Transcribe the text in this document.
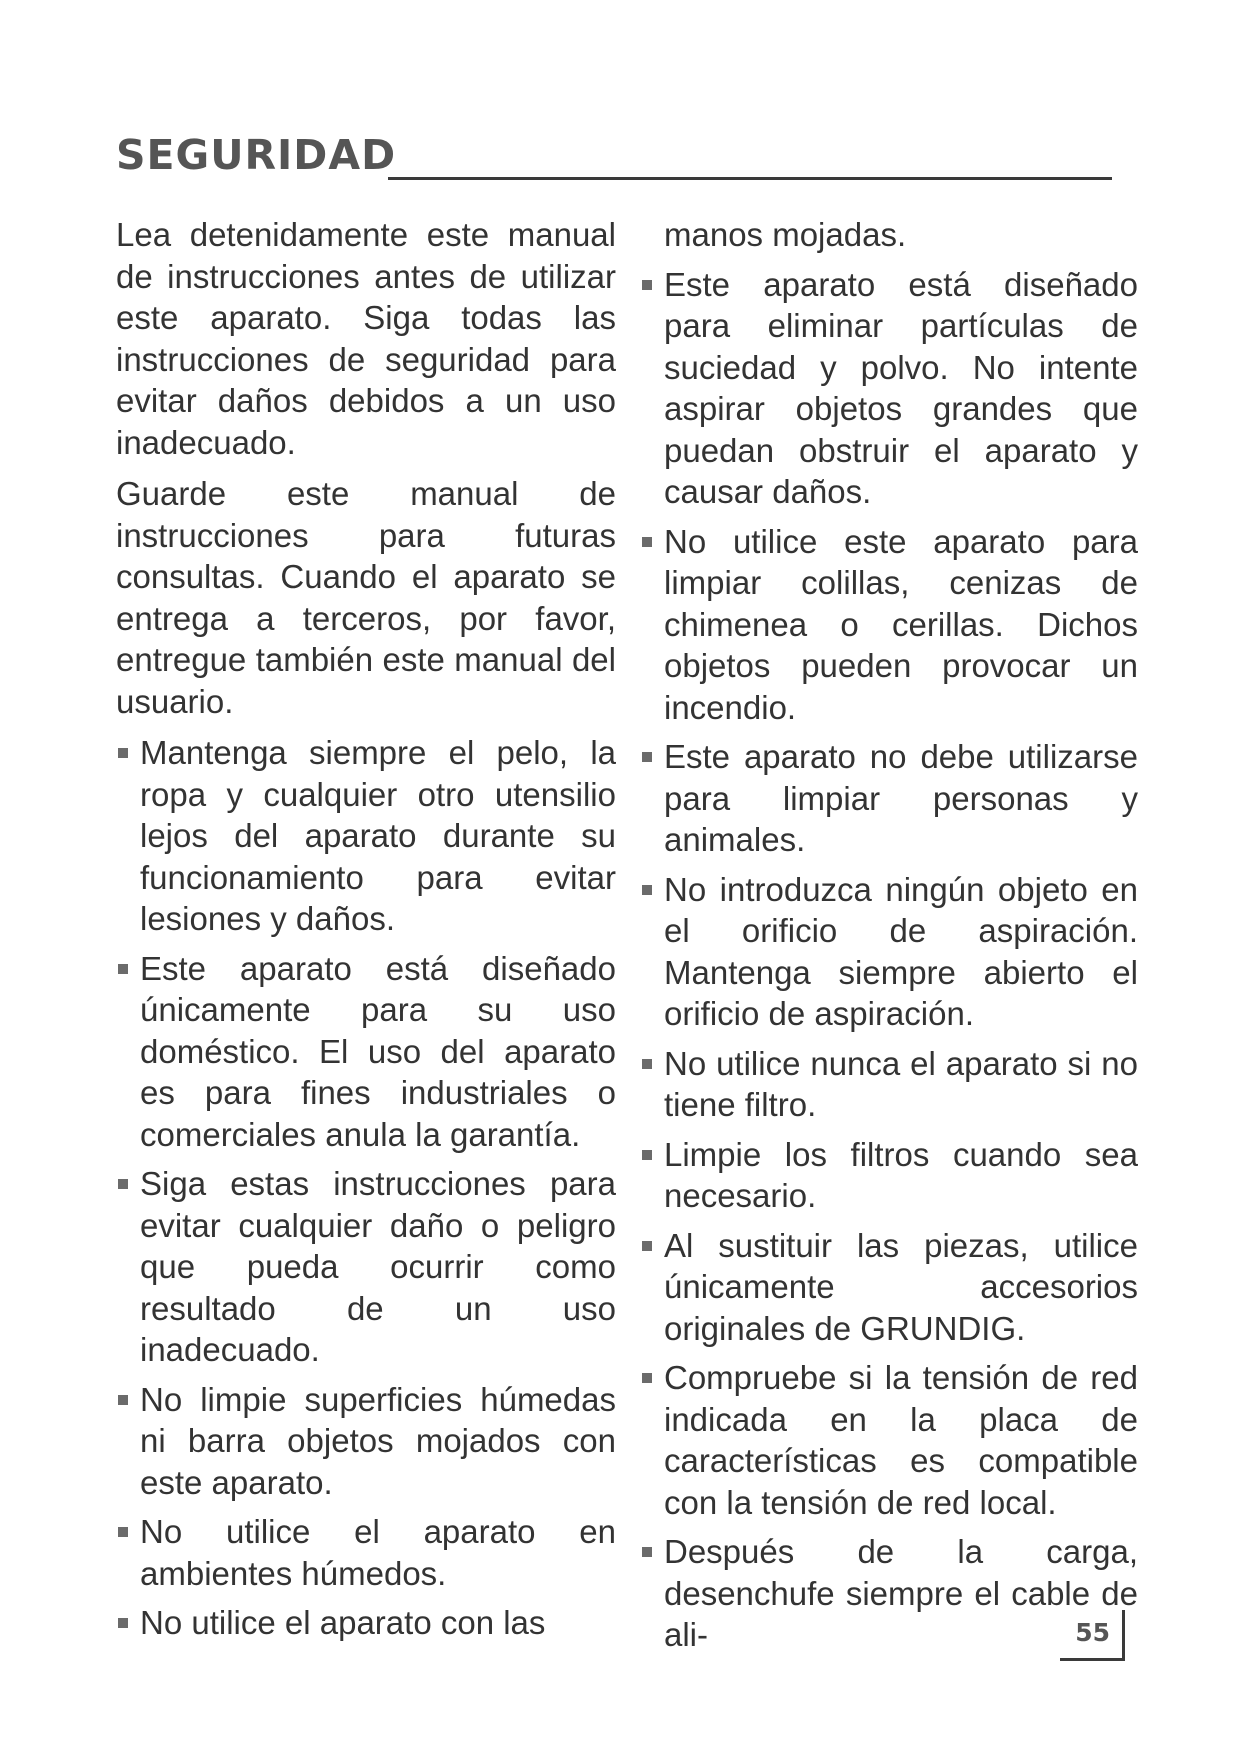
SEGURIDAD

Lea detenidamente este manual de instrucciones antes de utilizar este aparato. Siga todas las instrucciones de seguridad para evitar daños debidos a un uso inadecuado.

Guarde este manual de instrucciones para futuras consultas. Cuando el aparato se entrega a terceros, por favor, entregue también este manual del usuario.

Mantenga siempre el pelo, la ropa y cualquier otro utensilio lejos del aparato durante su funcionamiento para evitar lesiones y daños.
Este aparato está diseñado únicamente para su uso doméstico. El uso del aparato es para fines industriales o comerciales anula la garantía.
Siga estas instrucciones para evitar cualquier daño o peligro que pueda ocurrir como resultado de un uso inadecuado.
No limpie superficies húmedas ni barra objetos mojados con este aparato.
No utilice el aparato en ambientes húmedos.
No utilice el aparato con las
manos mojadas.
Este aparato está diseñado para eliminar partículas de suciedad y polvo. No intente aspirar objetos grandes que puedan obstruir el aparato y causar daños.
No utilice este aparato para limpiar colillas, cenizas de chimenea o cerillas. Dichos objetos pueden provocar un incendio.
Este aparato no debe utilizarse para limpiar personas y animales.
No introduzca ningún objeto en el orificio de aspiración. Mantenga siempre abierto el orificio de aspiración.
No utilice nunca el aparato si no tiene filtro.
Limpie los filtros cuando sea necesario.
Al sustituir las piezas, utilice únicamente accesorios originales de GRUNDIG.
Compruebe si la tensión de red indicada en la placa de características es compatible con la tensión de red local.
Después de la carga, desenchufe siempre el cable de ali-	55
